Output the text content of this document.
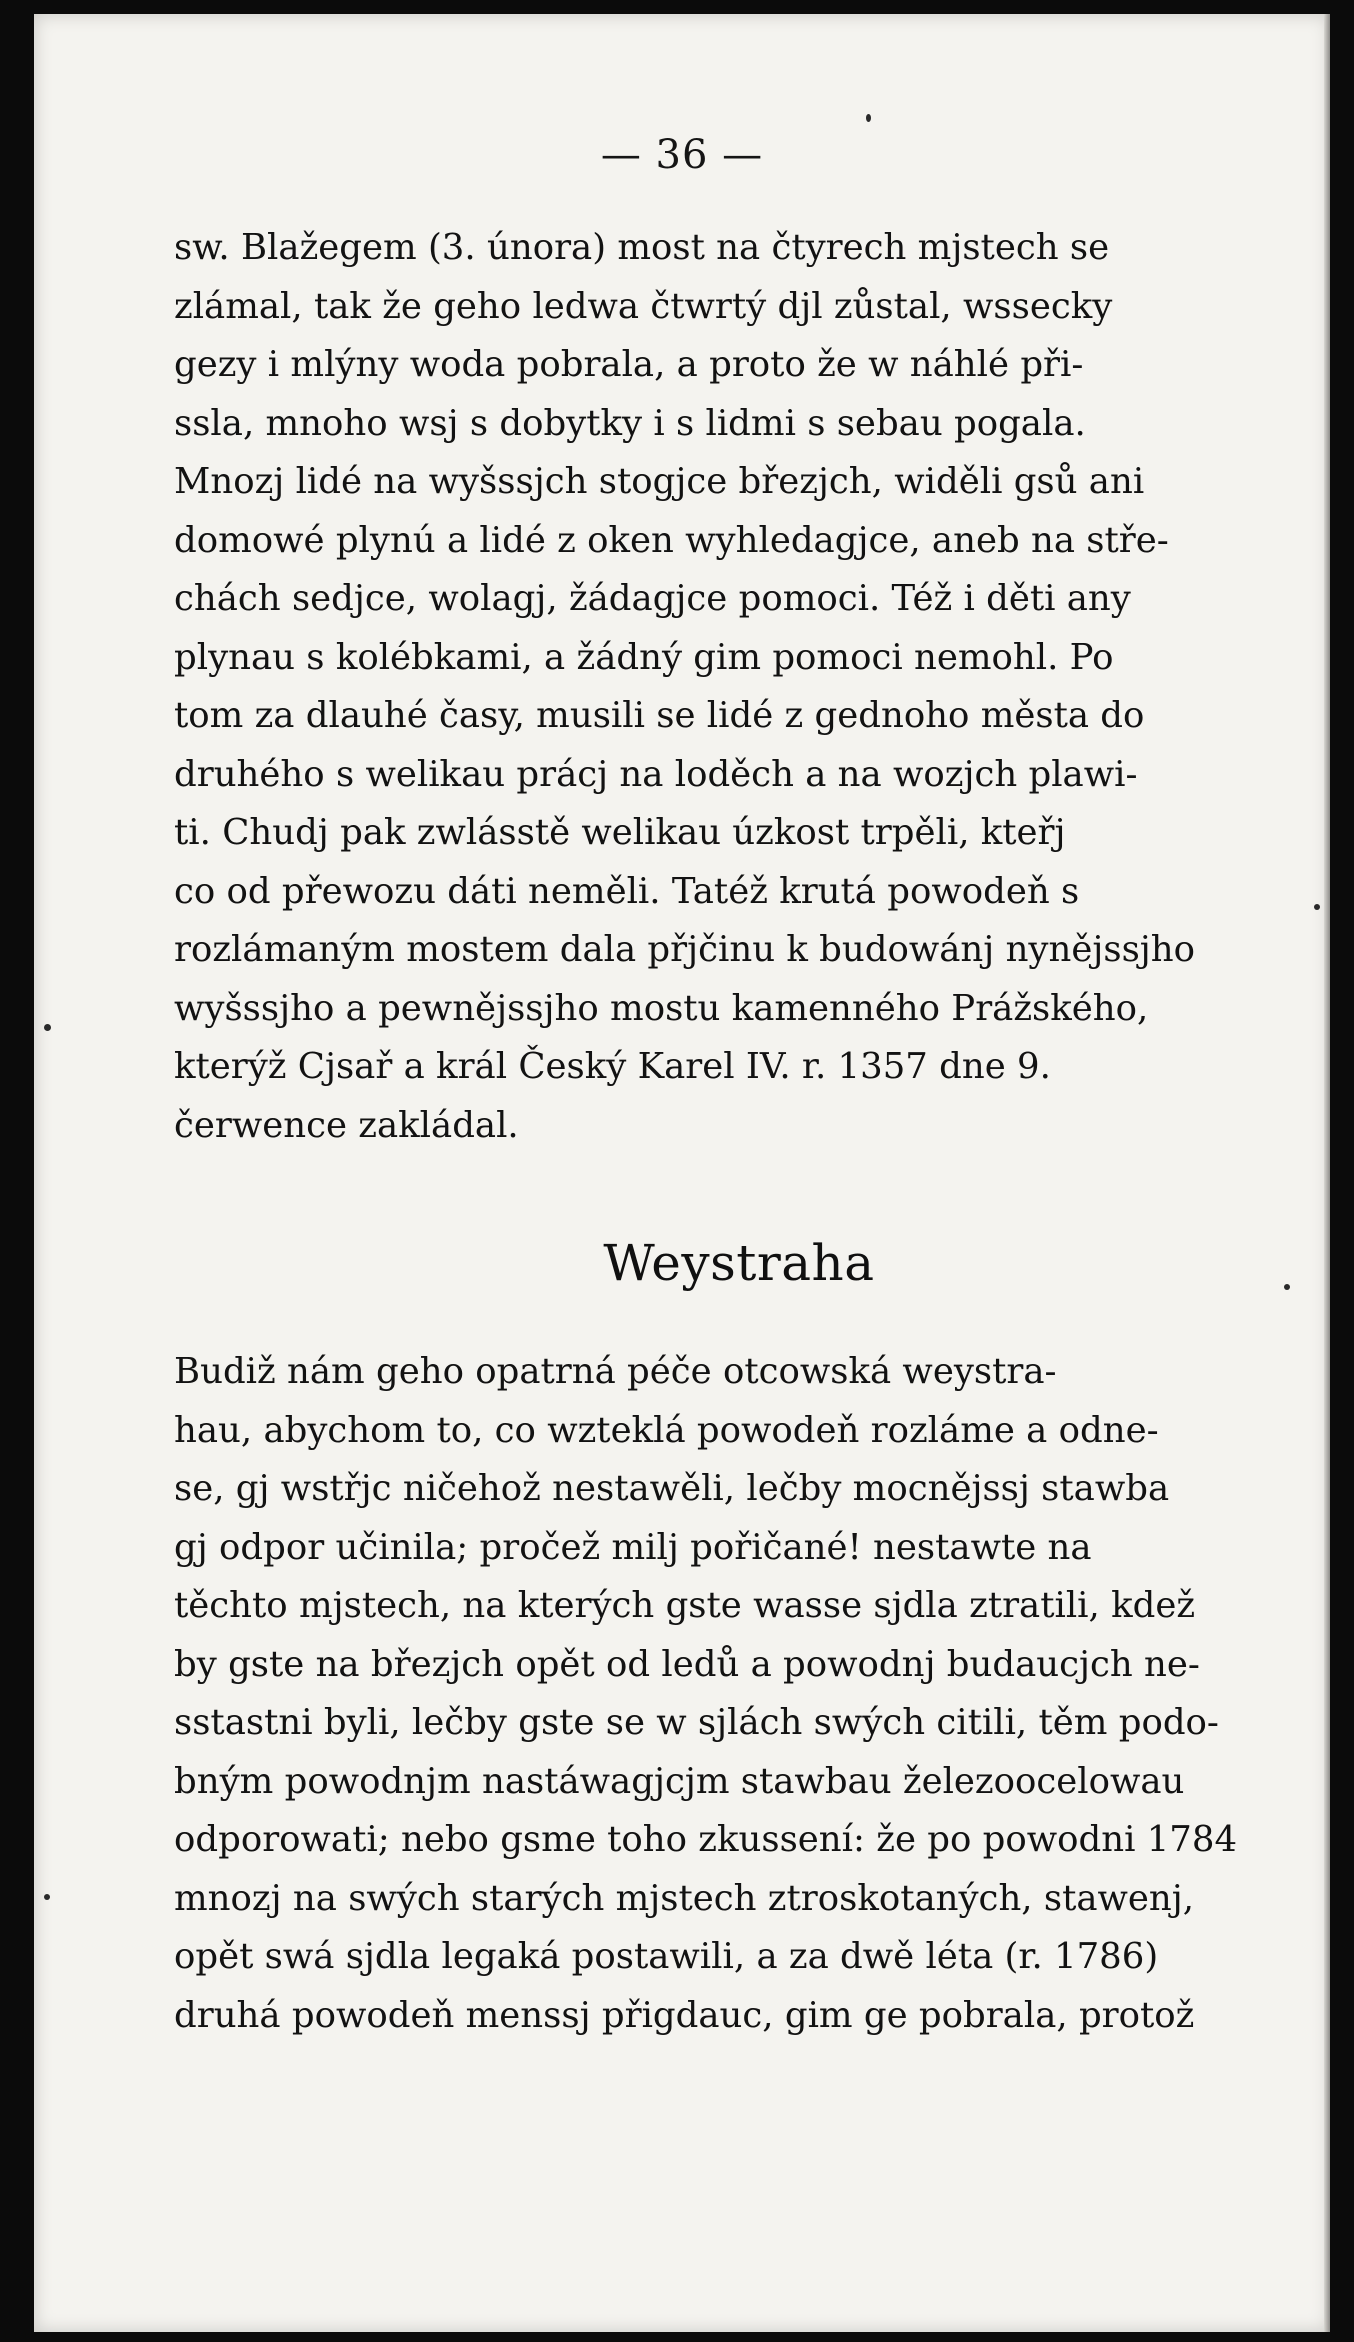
— 36 —
sw. Blažegem (3. února) most na čtyrech mjstech se
zlámal, tak že geho ledwa čtwrtý djl zůstal, wssecky
gezy i mlýny woda pobrala, a proto že w náhlé při-
ssla, mnoho wsj s dobytky i s lidmi s sebau pogala.
Mnozj lidé na wyšssjch stogjce březjch, widěli gsů ani
domowé plynú a lidé z oken wyhledagjce, aneb na stře-
chách sedjce, wolagj, žádagjce pomoci. Též i děti any
plynau s kolébkami, a žádný gim pomoci nemohl. Po
tom za dlauhé časy, musili se lidé z gednoho města do
druhého s welikau prácj na loděch a na wozjch plawi-
ti. Chudj pak zwlásstě welikau úzkost trpěli, kteřj
co od přewozu dáti neměli. Tatéž krutá powodeň s
rozlámaným mostem dala přjčinu k budowánj nynějssjho
wyšssjho a pewnějssjho mostu kamenného Prážského,
kterýž Cjsař a král Český Karel IV. r. 1357 dne 9.
čerwence zakládal.
Weystraha
Budiž nám geho opatrná péče otcowská weystra-
hau, abychom to, co wzteklá powodeň rozláme a odne-
se, gj wstřjc ničehož nestawěli, lečby mocnějssj stawba
gj odpor učinila; pročež milj pořičané! nestawte na
těchto mjstech, na kterých gste wasse sjdla ztratili, kdež
by gste na březjch opět od ledů a powodnj budaucjch ne-
sstastni byli, lečby gste se w sjlách swých citili, těm podo-
bným powodnjm nastáwagjcjm stawbau železoocelowau
odporowati; nebo gsme toho zkussení: že po powodni 1784
mnozj na swých starých mjstech ztroskotaných, stawenj,
opět swá sjdla legaká postawili, a za dwě léta (r. 1786)
druhá powodeň menssj přigdauc, gim ge pobrala, protož
